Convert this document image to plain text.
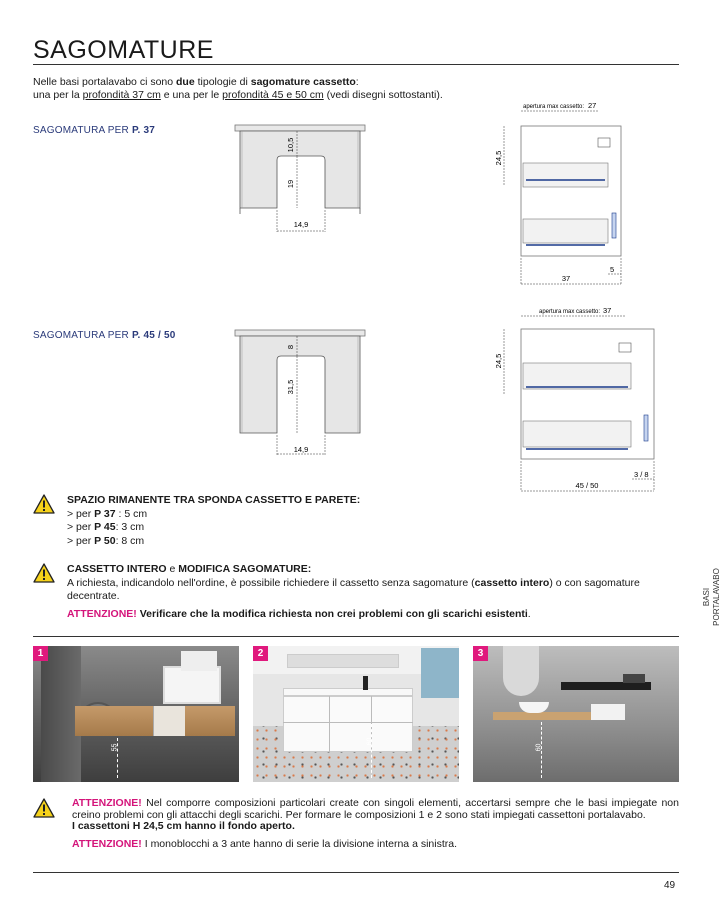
SAGOMATURE
Nelle basi portalavabo ci sono due tipologie di sagomature cassetto:
una per la profondità 37 cm e una per le profondità 45 e 50 cm (vedi disegni sottostanti).
SAGOMATURA PER P. 37
10,5
19
14,9
apertura max cassetto: 27
24,5
37
5
SAGOMATURA PER P. 45 / 50
8
31,5
14,9
apertura max cassetto: 37
24,5
45 / 50
3 / 8
SPAZIO RIMANENTE TRA SPONDA CASSETTO E PARETE:
> per P 37 : 5 cm
> per P 45: 3 cm
> per P 50: 8 cm
CASSETTO INTERO e MODIFICA SAGOMATURE:
A richiesta, indicandolo nell'ordine, è possibile richiedere il cassetto senza sagomature (cassetto intero) o con sagomature decentrate.
ATTENZIONE! Verificare che la modifica richiesta non crei problemi con gli scarichi esistenti.
55
1
60
2
60
3
ATTENZIONE! Nel comporre composizioni particolari create con singoli elementi, accertarsi sempre che le basi impiegate non creino problemi con gli attacchi degli scarichi. Per formare le composizioni 1 e 2 sono stati impiegati cassettoni portalavabo.
I cassettoni H 24,5 cm hanno il fondo aperto.
ATTENZIONE! I monoblocchi a 3 ante hanno di serie la divisione interna a sinistra.
49
BASI PORTALAVABO
